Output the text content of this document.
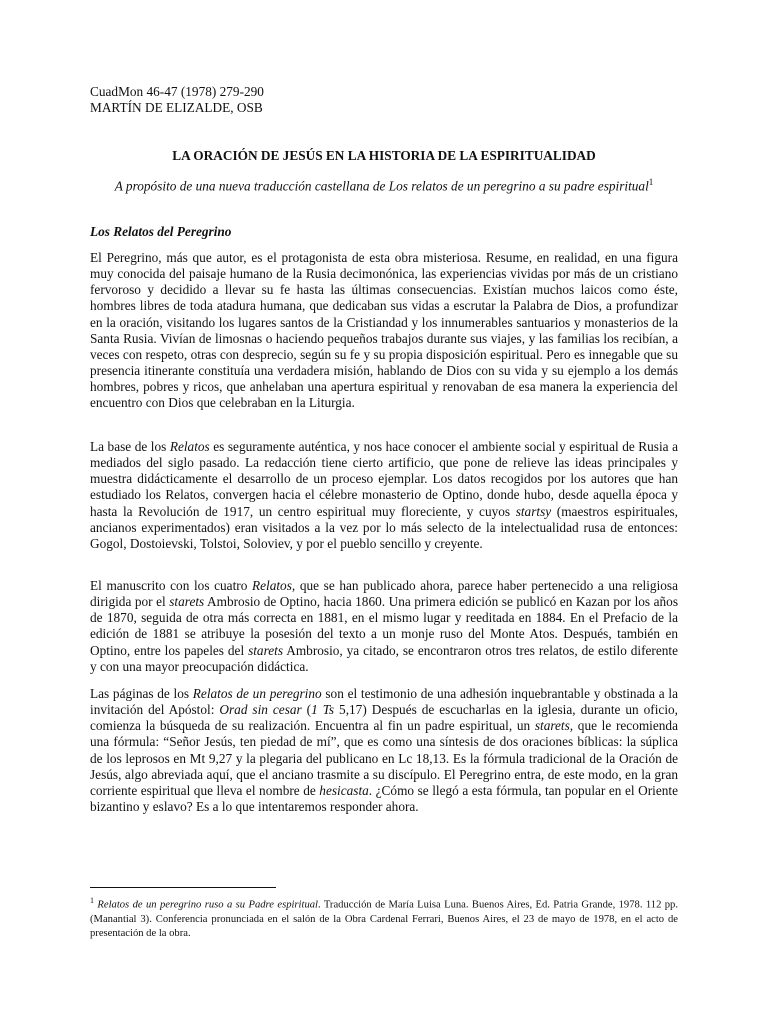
CuadMon 46-47 (1978) 279-290
MARTÍN DE ELIZALDE, OSB
LA ORACIÓN DE JESÚS EN LA HISTORIA DE LA ESPIRITUALIDAD
A propósito de una nueva traducción castellana de Los relatos de un peregrino a su padre espiritual$^1$
Los Relatos del Peregrino
El Peregrino, más que autor, es el protagonista de esta obra misteriosa. Resume, en realidad, en una figura muy conocida del paisaje humano de la Rusia decimonónica, las experiencias vividas por más de un cristiano fervoroso y decidido a llevar su fe hasta las últimas consecuencias. Existían muchos laicos como éste, hombres libres de toda atadura humana, que dedicaban sus vidas a escrutar la Palabra de Dios, a profundizar en la oración, visitando los lugares santos de la Cristiandad y los innumerables santuarios y monasterios de la Santa Rusia. Vivían de limosnas o haciendo pequeños trabajos durante sus viajes, y las familias los recibían, a veces con respeto, otras con desprecio, según su fe y su propia disposición espiritual. Pero es innegable que su presencia itinerante constituía una verdadera misión, hablando de Dios con su vida y su ejemplo a los demás hombres, pobres y ricos, que anhelaban una apertura espiritual y renovaban de esa manera la experiencia del encuentro con Dios que celebraban en la Liturgia.
La base de los Relatos es seguramente auténtica, y nos hace conocer el ambiente social y espiritual de Rusia a mediados del siglo pasado. La redacción tiene cierto artificio, que pone de relieve las ideas principales y muestra didácticamente el desarrollo de un proceso ejemplar. Los datos recogidos por los autores que han estudiado los Relatos, convergen hacia el célebre monasterio de Optino, donde hubo, desde aquella época y hasta la Revolución de 1917, un centro espiritual muy floreciente, y cuyos startsy (maestros espirituales, ancianos experimentados) eran visitados a la vez por lo más selecto de la intelectualidad rusa de entonces: Gogol, Dostoievski, Tolstoi, Soloviev, y por el pueblo sencillo y creyente.
El manuscrito con los cuatro Relatos, que se han publicado ahora, parece haber pertenecido a una religiosa dirigida por el starets Ambrosio de Optino, hacia 1860. Una primera edición se publicó en Kazan por los años de 1870, seguida de otra más correcta en 1881, en el mismo lugar y reeditada en 1884. En el Prefacio de la edición de 1881 se atribuye la posesión del texto a un monje ruso del Monte Atos. Después, también en Optino, entre los papeles del starets Ambrosio, ya citado, se encontraron otros tres relatos, de estilo diferente y con una mayor preocupación didáctica.
Las páginas de los Relatos de un peregrino son el testimonio de una adhesión inquebrantable y obstinada a la invitación del Apóstol: Orad sin cesar (1 Ts 5,17) Después de escucharlas en la iglesia, durante un oficio, comienza la búsqueda de su realización. Encuentra al fin un padre espiritual, un starets, que le recomienda una fórmula: “Señor Jesús, ten piedad de mí”, que es como una síntesis de dos oraciones bíblicas: la súplica de los leprosos en Mt 9,27 y la plegaria del publicano en Lc 18,13. Es la fórmula tradicional de la Oración de Jesús, algo abreviada aquí, que el anciano trasmite a su discípulo. El Peregrino entra, de este modo, en la gran corriente espiritual que lleva el nombre de hesicasta. ¿Cómo se llegó a esta fórmula, tan popular en el Oriente bizantino y eslavo? Es a lo que intentaremos responder ahora.
$^1$ Relatos de un peregrino ruso a su Padre espiritual. Traducción de María Luisa Luna. Buenos Aires, Ed. Patria Grande, 1978. 112 pp. (Manantial 3). Conferencia pronunciada en el salón de la Obra Cardenal Ferrari, Buenos Aires, el 23 de mayo de 1978, en el acto de presentación de la obra.
